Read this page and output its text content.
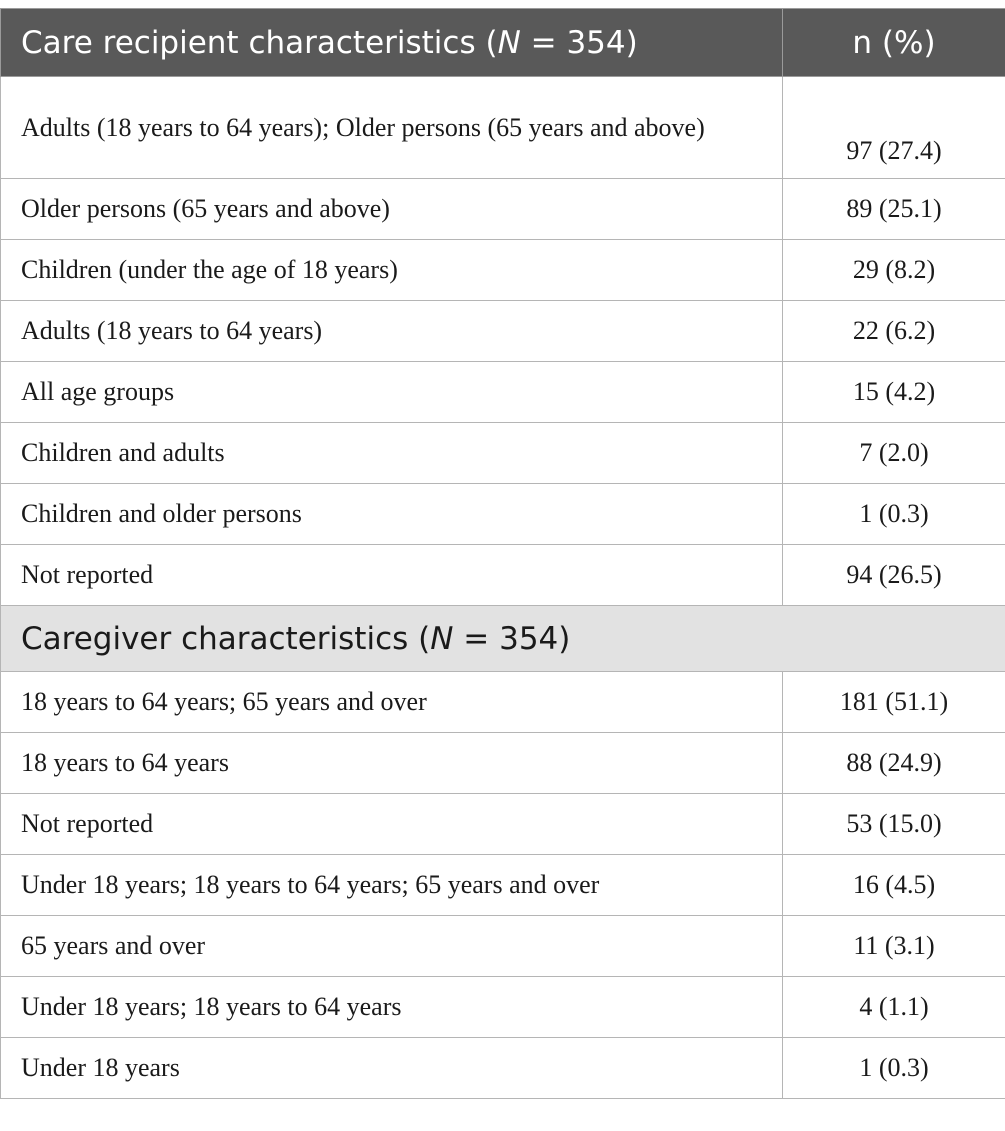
Care recipient characteristics (N = 354)	n (%)
Adults (18 years to 64 years); Older persons (65 years and above)	97 (27.4)
Older persons (65 years and above)	89 (25.1)
Children (under the age of 18 years)	29 (8.2)
Adults (18 years to 64 years)	22 (6.2)
All age groups	15 (4.2)
Children and adults	7 (2.0)
Children and older persons	1 (0.3)
Not reported	94 (26.5)
Caregiver characteristics (N = 354)	
18 years to 64 years; 65 years and over	181 (51.1)
18 years to 64 years	88 (24.9)
Not reported	53 (15.0)
Under 18 years; 18 years to 64 years; 65 years and over	16 (4.5)
65 years and over	11 (3.1)
Under 18 years; 18 years to 64 years	4 (1.1)
Under 18 years	1 (0.3)
